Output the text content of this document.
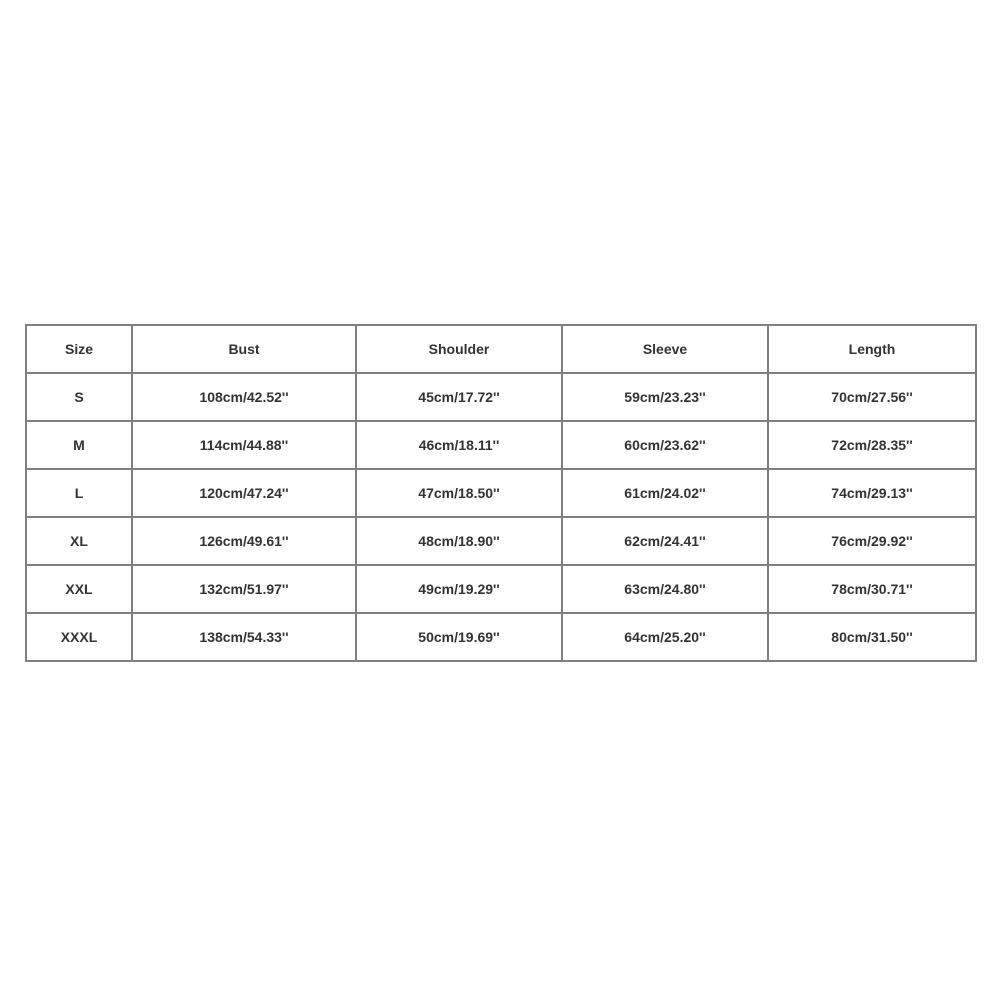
Size	Bust	Shoulder	Sleeve	Length
S	108cm/42.52''	45cm/17.72''	59cm/23.23''	70cm/27.56''
M	114cm/44.88''	46cm/18.11''	60cm/23.62''	72cm/28.35''
L	120cm/47.24''	47cm/18.50''	61cm/24.02''	74cm/29.13''
XL	126cm/49.61''	48cm/18.90''	62cm/24.41''	76cm/29.92''
XXL	132cm/51.97''	49cm/19.29''	63cm/24.80''	78cm/30.71''
XXXL	138cm/54.33''	50cm/19.69''	64cm/25.20''	80cm/31.50''
